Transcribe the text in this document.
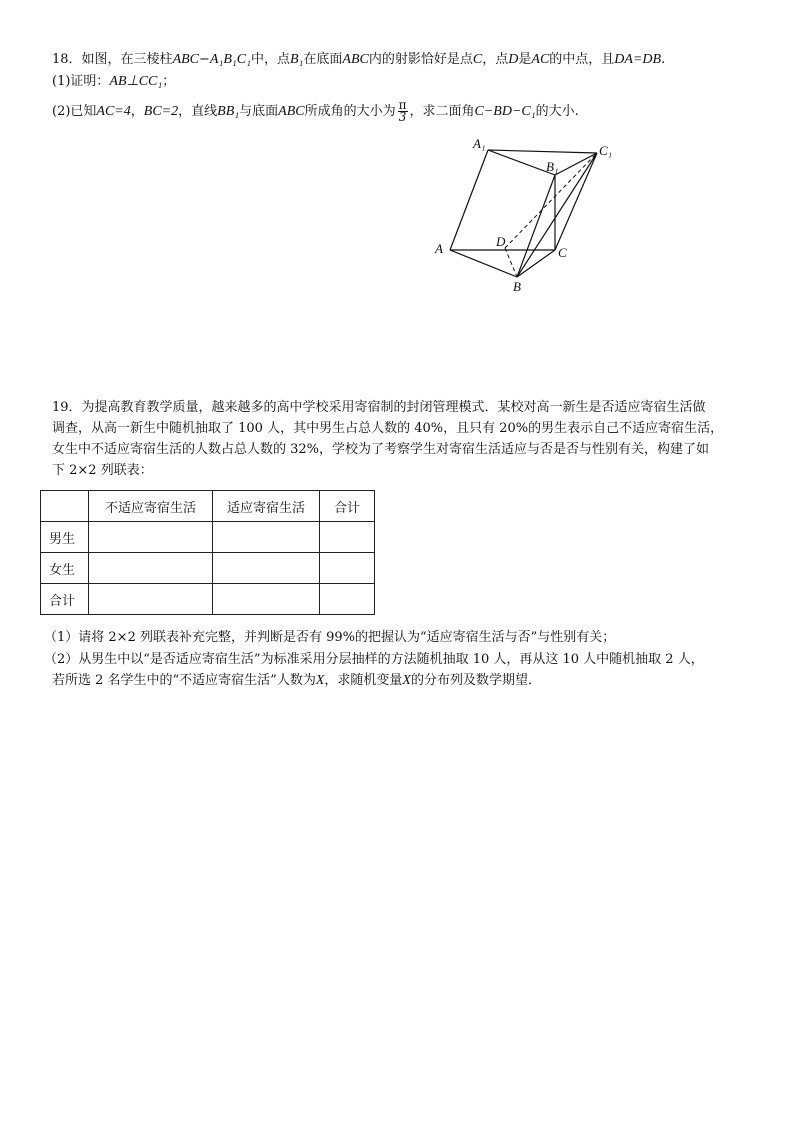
18．如图，在三棱柱ABC−A₁B₁C₁中，点B₁在底面ABC内的射影恰好是点C，点D是AC的中点，且DA=DB.
(1)证明：AB⊥CC₁；
(2)已知AC=4，BC=2，直线BB₁与底面ABC所成角的大小为 $\frac{\pi}{3}$ ，求二面角C−BD−C₁的大小.
A₁
B₁
C₁
A	D
C
B
19．为提高教育教学质量，越来越多的高中学校采用寄宿制的封闭管理模式．某校对高一新生是否适应寄宿生活做
调查，从高一新生中随机抽取了 100 人，其中男生占总人数的 40%，且只有 20%的男生表示自己不适应寄宿生活，
女生中不适应寄宿生活的人数占总人数的 32%，学校为了考察学生对寄宿生活适应与否是否与性别有关，构建了如
下 2×2 列联表：
	不适应寄宿生活	适应寄宿生活	合计
男生			
女生			
合计			
（1）请将 2×2 列联表补充完整，并判断是否有 99%的把握认为“适应寄宿生活与否”与性别有关；
（2）从男生中以“是否适应寄宿生活”为标准采用分层抽样的方法随机抽取 10 人，再从这 10 人中随机抽取 2 人，
若所选 2 名学生中的“不适应寄宿生活”人数为X，求随机变量X的分布列及数学期望．
